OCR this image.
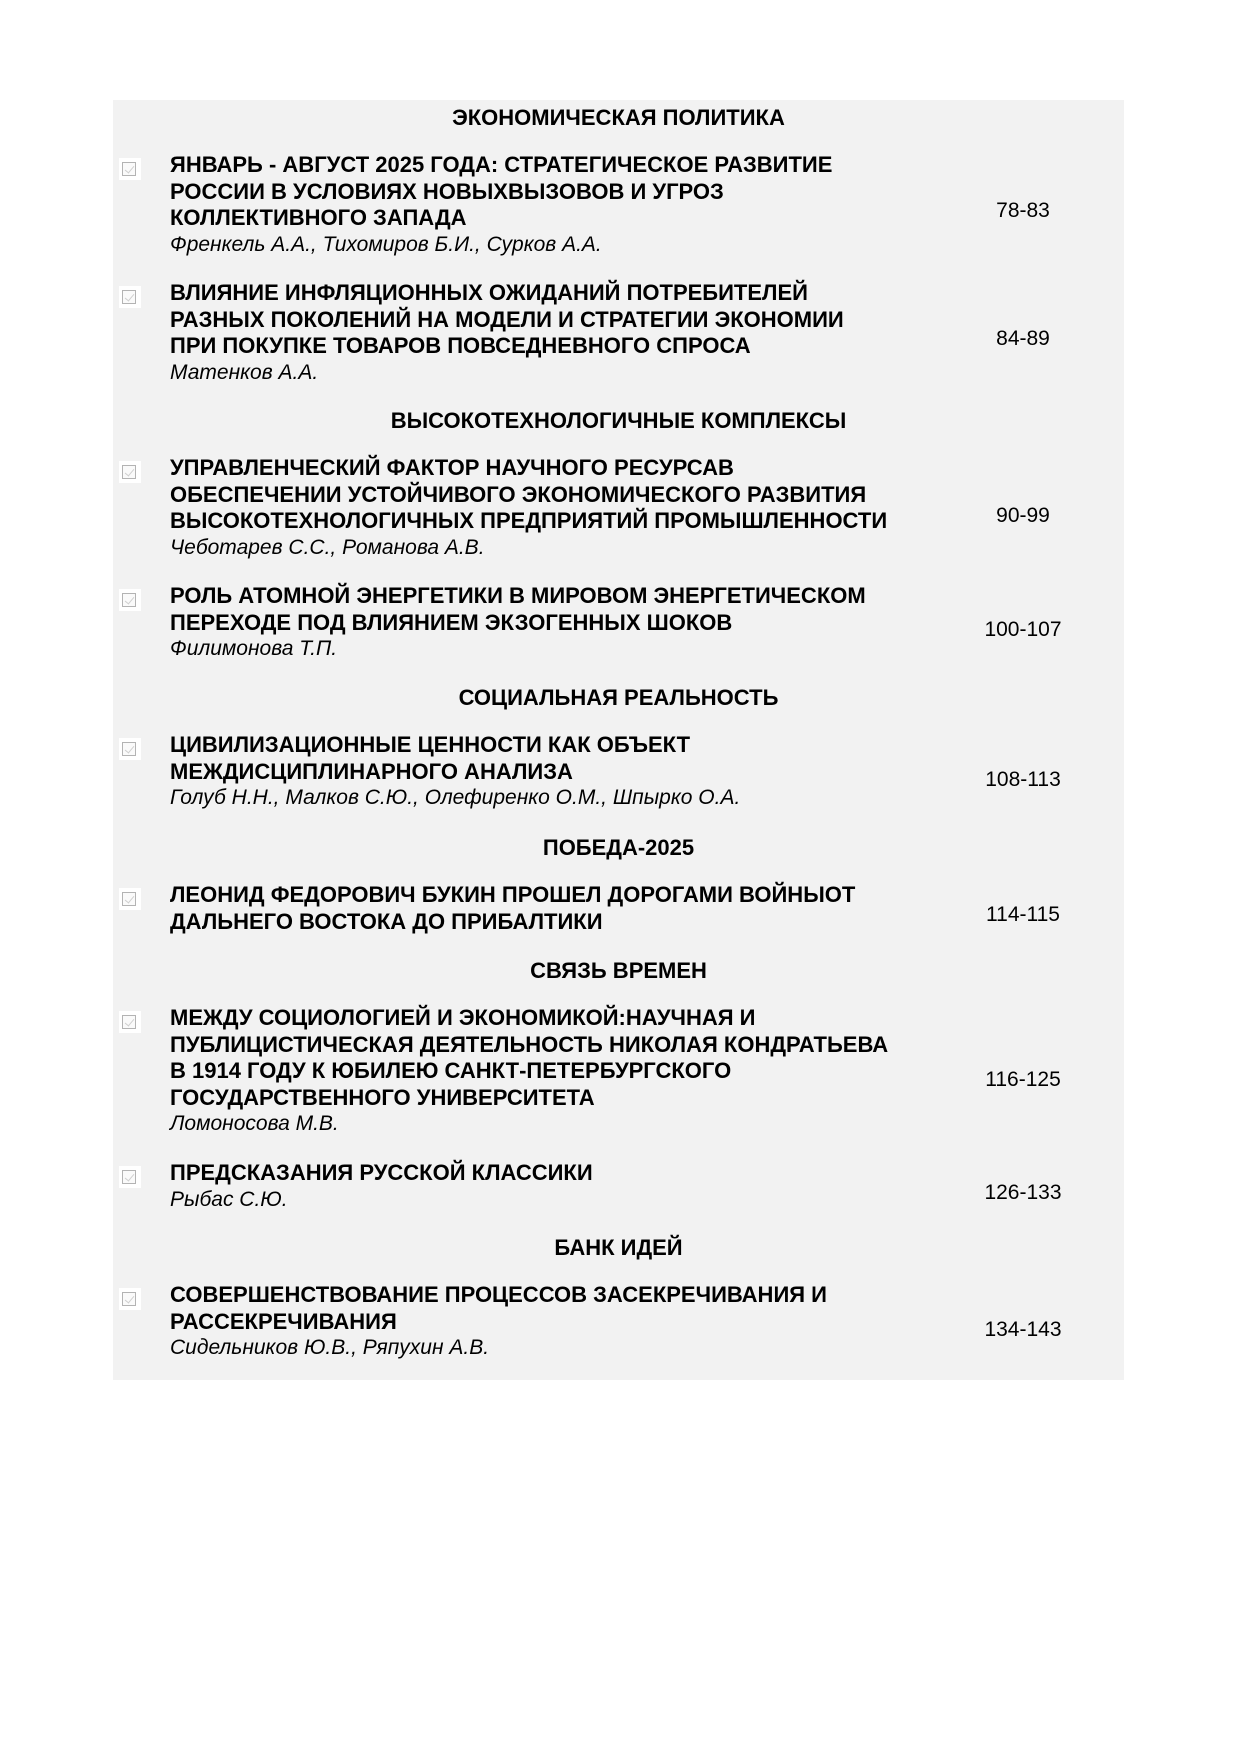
ЭКОНОМИЧЕСКАЯ ПОЛИТИКА
ЯНВАРЬ - АВГУСТ 2025 ГОДА: СТРАТЕГИЧЕСКОЕ РАЗВИТИЕ
РОССИИ В УСЛОВИЯХ НОВЫХВЫЗОВОВ И УГРОЗ
КОЛЛЕКТИВНОГО ЗАПАДА
Френкель А.А., Тихомиров Б.И., Сурков А.А.
78-83
ВЛИЯНИЕ ИНФЛЯЦИОННЫХ ОЖИДАНИЙ ПОТРЕБИТЕЛЕЙ
РАЗНЫХ ПОКОЛЕНИЙ НА МОДЕЛИ И СТРАТЕГИИ ЭКОНОМИИ
ПРИ ПОКУПКЕ ТОВАРОВ ПОВСЕДНЕВНОГО СПРОСА
Матенков А.А.
84-89
ВЫСОКОТЕХНОЛОГИЧНЫЕ КОМПЛЕКСЫ
УПРАВЛЕНЧЕСКИЙ ФАКТОР НАУЧНОГО РЕСУРСАВ
ОБЕСПЕЧЕНИИ УСТОЙЧИВОГО ЭКОНОМИЧЕСКОГО РАЗВИТИЯ
ВЫСОКОТЕХНОЛОГИЧНЫХ ПРЕДПРИЯТИЙ ПРОМЫШЛЕННОСТИ
Чеботарев С.С., Романова А.В.
90-99
РОЛЬ АТОМНОЙ ЭНЕРГЕТИКИ В МИРОВОМ ЭНЕРГЕТИЧЕСКОМ
ПЕРЕХОДЕ ПОД ВЛИЯНИЕМ ЭКЗОГЕННЫХ ШОКОВ
Филимонова Т.П.
100-107
СОЦИАЛЬНАЯ РЕАЛЬНОСТЬ
ЦИВИЛИЗАЦИОННЫЕ ЦЕННОСТИ КАК ОБЪЕКТ
МЕЖДИСЦИПЛИНАРНОГО АНАЛИЗА
Голуб Н.Н., Малков С.Ю., Олефиренко О.М., Шпырко О.А.
108-113
ПОБЕДА-2025
ЛЕОНИД ФЕДОРОВИЧ БУКИН ПРОШЕЛ ДОРОГАМИ ВОЙНЫОТ
ДАЛЬНЕГО ВОСТОКА ДО ПРИБАЛТИКИ	114-115
СВЯЗЬ ВРЕМЕН
МЕЖДУ СОЦИОЛОГИЕЙ И ЭКОНОМИКОЙ:НАУЧНАЯ И
ПУБЛИЦИСТИЧЕСКАЯ ДЕЯТЕЛЬНОСТЬ НИКОЛАЯ КОНДРАТЬЕВА
В 1914 ГОДУ К ЮБИЛЕЮ САНКТ-ПЕТЕРБУРГСКОГО
ГОСУДАРСТВЕННОГО УНИВЕРСИТЕТА
Ломоносова М.В.
116-125
ПРЕДСКАЗАНИЯ РУССКОЙ КЛАССИКИ
Рыбас С.Ю.	126-133
БАНК ИДЕЙ
СОВЕРШЕНСТВОВАНИЕ ПРОЦЕССОВ ЗАСЕКРЕЧИВАНИЯ И
РАССЕКРЕЧИВАНИЯ
Сидельников Ю.В., Ряпухин А.В.
134-143
